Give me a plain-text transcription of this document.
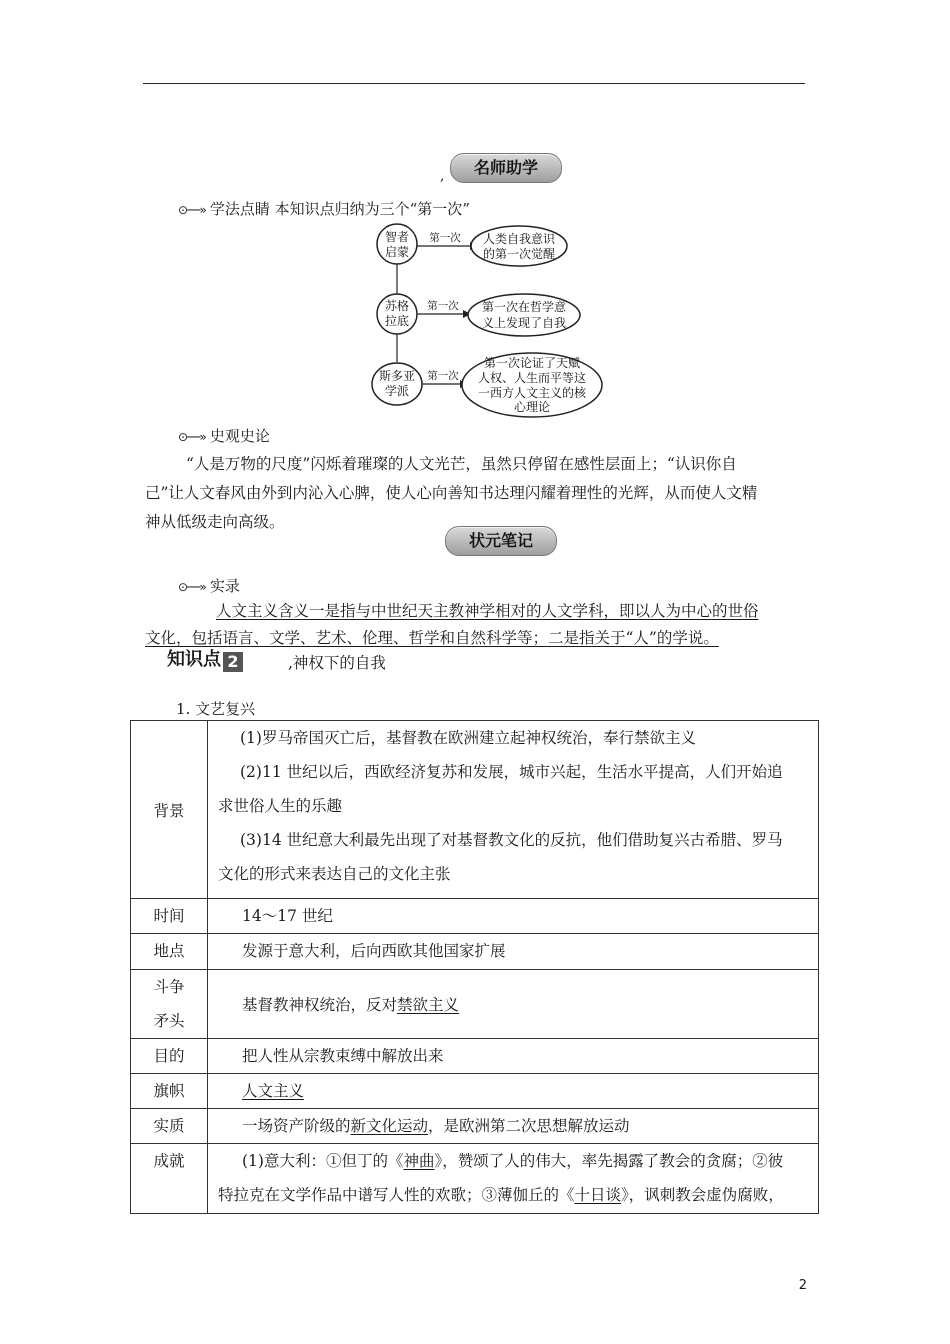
名师助学
,
⊙──» 学法点睛 本知识点归纳为三个“第一次”
智者
启蒙
第一次 人类自我意识
的第一次觉醒
苏格
拉底
第一次 第一次在哲学意
义上发现了自我
斯多亚
学派
第一次
第一次论证了天赋
人权、人生而平等这
一西方人文主义的核
心理论
⊙──» 史观史论
“人是万物的尺度”闪烁着璀璨的人文光芒，虽然只停留在感性层面上；“认识你自
己”让人文春风由外到内沁入心脾，使人心向善知书达理闪耀着理性的光辉，从而使人文精
神从低级走向高级。
状元笔记
⊙──» 实录
人文主义含义一是指与中世纪天主教神学相对的人文学科，即以人为中心的世俗
文化，包括语言、文学、艺术、伦理、哲学和自然科学等；二是指关于“人”的学说。
知识点 2	,神权下的自我
1. 文艺复兴
背景	(1)罗马帝国灭亡后，基督教在欧洲建立起神权统治，奉行禁欲主义
(2)11 世纪以后，西欧经济复苏和发展，城市兴起，生活水平提高，人们开始追
求世俗人生的乐趣
(3)14 世纪意大利最先出现了对基督教文化的反抗，他们借助复兴古希腊、罗马
文化的形式来表达自己的文化主张

时间	14～17 世纪
地点	发源于意大利，后向西欧其他国家扩展

斗争
矛头	基督教神权统治，反对禁欲主义
目的	把人性从宗教束缚中解放出来
旗帜	人文主义
实质	一场资产阶级的新文化运动，是欧洲第二次思想解放运动
成就	(1)意大利：①但丁的《神曲》，赞颂了人的伟大，率先揭露了教会的贪腐；②彼
特拉克在文学作品中谱写人性的欢歌；③薄伽丘的《十日谈》，讽刺教会虚伪腐败，
2
